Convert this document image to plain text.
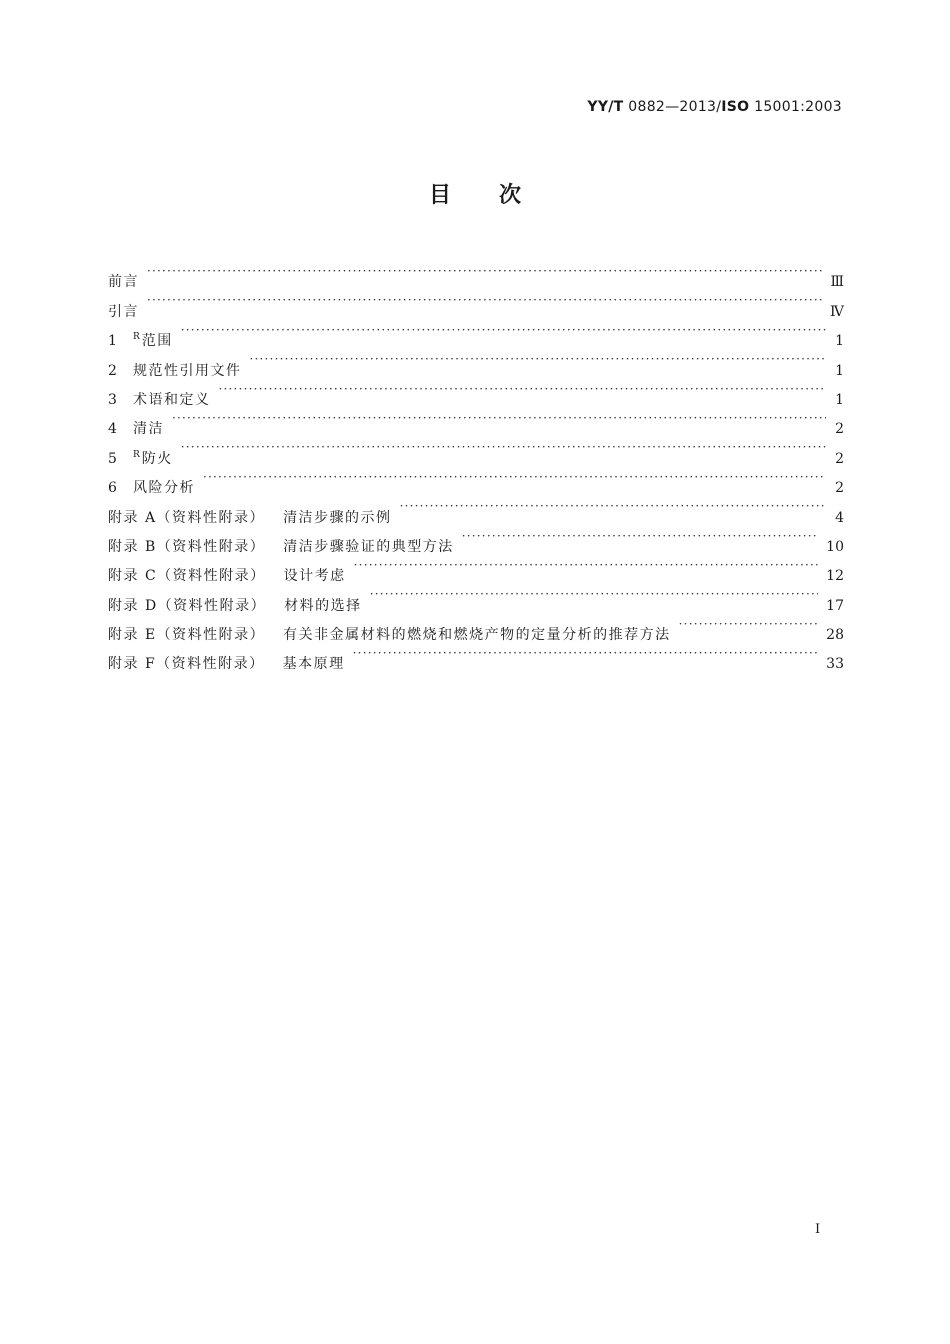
YY/T 0882—2013/ISO 15001:2003
目次
前言 ·····	Ⅲ
引言 ·····	Ⅳ
1	$^R$ 范围 ·····	1
2	规范性引用文件 ·····	1
3	术语和定义 ·····	1
4	清洁 ·····	2
5	$^R$ 防火 ·····	2
6	风险分析 ·····	2
附录 A（资料性附录） 清洁步骤的示例 ·····	4
附录 B（资料性附录） 清洁步骤验证的典型方法 ·····	10
附录 C（资料性附录） 设计考虑 ·····	12
附录 D（资料性附录） 材料的选择 ·····	17
附录 E（资料性附录） 有关非金属材料的燃烧和燃烧产物的定量分析的推荐方法 ·····	28
附录 F（资料性附录） 基本原理 ·····	33
I
